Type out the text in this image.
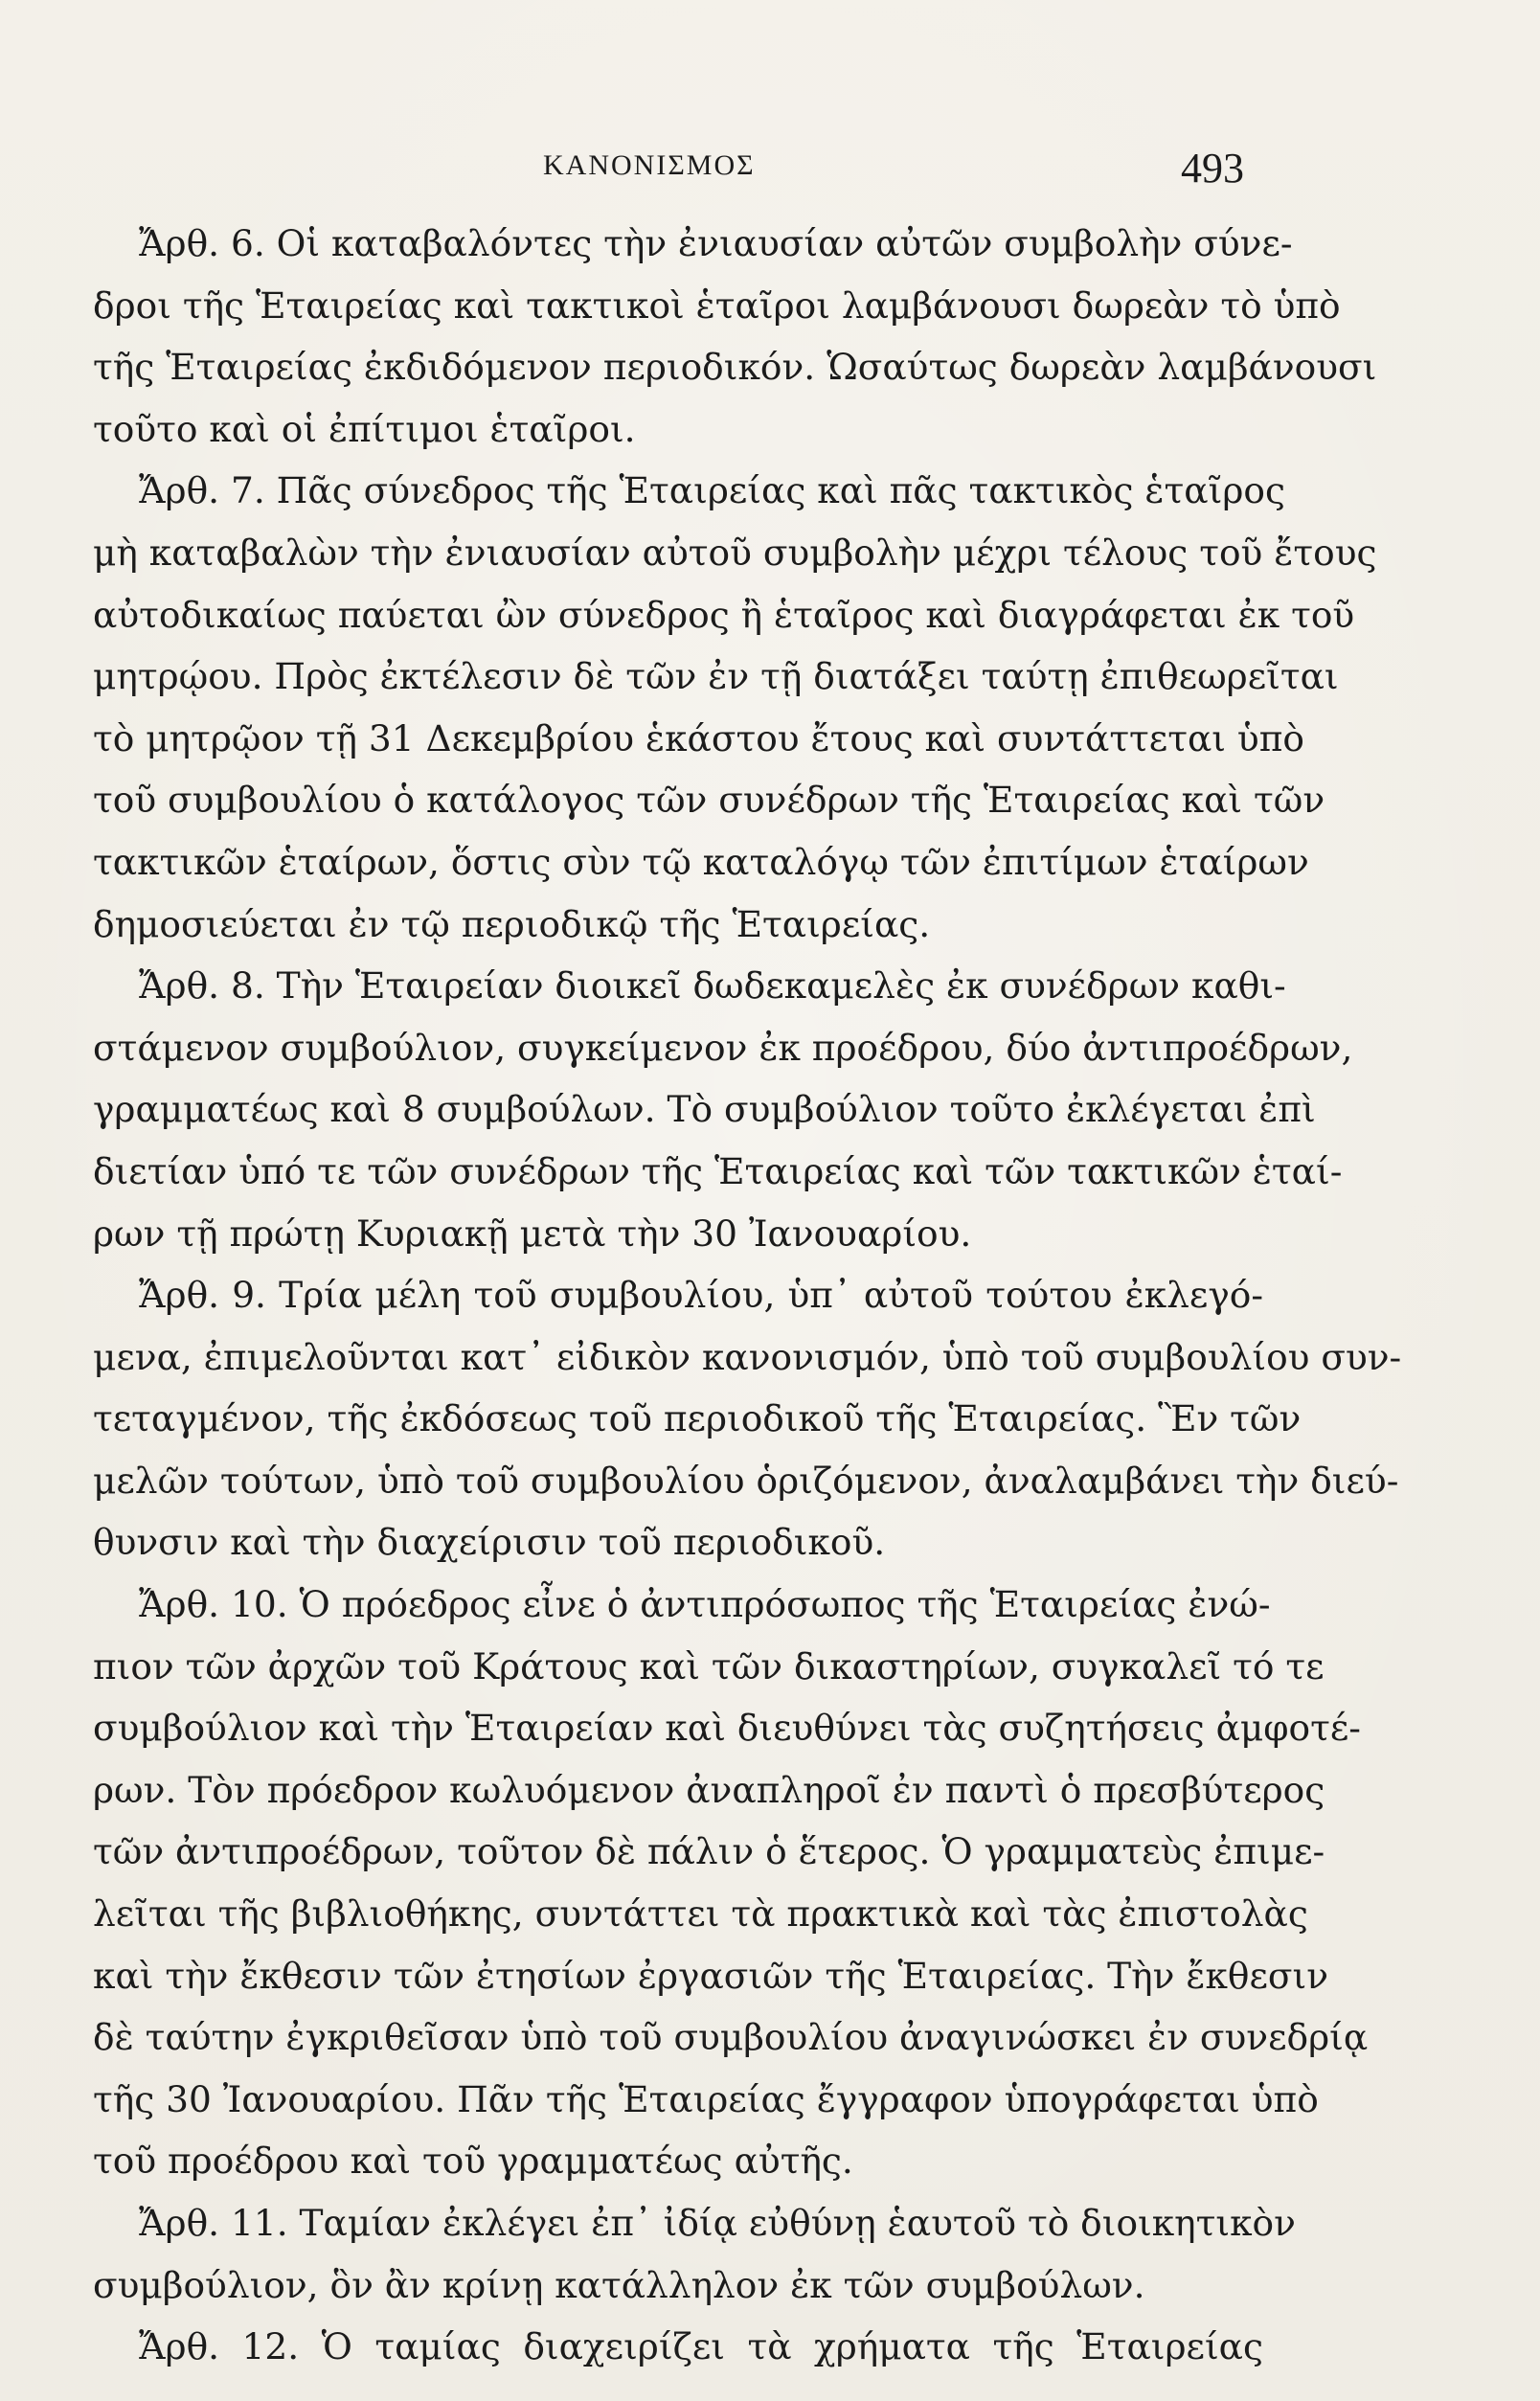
ΚΑΝΟΝΙΣΜΟΣ	493
Ἄρθ. 6. Οἱ καταβαλόντες τὴν ἐνιαυσίαν αὐτῶν συμβολὴν σύνε-
δροι τῆς Ἑταιρείας καὶ τακτικοὶ ἑταῖροι λαμβάνουσι δωρεὰν τὸ ὑπὸ
τῆς Ἑταιρείας ἐκδιδόμενον περιοδικόν. Ὡσαύτως δωρεὰν λαμβάνουσι
τοῦτο καὶ οἱ ἐπίτιμοι ἑταῖροι.
Ἄρθ. 7. Πᾶς σύνεδρος τῆς Ἑταιρείας καὶ πᾶς τακτικὸς ἑταῖρος
μὴ καταβαλὼν τὴν ἐνιαυσίαν αὐτοῦ συμβολὴν μέχρι τέλους τοῦ ἔτους
αὐτοδικαίως παύεται ὢν σύνεδρος ἢ ἑταῖρος καὶ διαγράφεται ἐκ τοῦ
μητρῴου. Πρὸς ἐκτέλεσιν δὲ τῶν ἐν τῇ διατάξει ταύτῃ ἐπιθεωρεῖται
τὸ μητρῷον τῇ 31 Δεκεμβρίου ἑκάστου ἔτους καὶ συντάττεται ὑπὸ
τοῦ συμβουλίου ὁ κατάλογος τῶν συνέδρων τῆς Ἑταιρείας καὶ τῶν
τακτικῶν ἑταίρων, ὅστις σὺν τῷ καταλόγῳ τῶν ἐπιτίμων ἑταίρων
δημοσιεύεται ἐν τῷ περιοδικῷ τῆς Ἑταιρείας.
Ἄρθ. 8. Τὴν Ἑταιρείαν διοικεῖ δωδεκαμελὲς ἐκ συνέδρων καθι-
στάμενον συμβούλιον, συγκείμενον ἐκ προέδρου, δύο ἀντιπροέδρων,
γραμματέως καὶ 8 συμβούλων. Τὸ συμβούλιον τοῦτο ἐκλέγεται ἐπὶ
διετίαν ὑπό τε τῶν συνέδρων τῆς Ἑταιρείας καὶ τῶν τακτικῶν ἑταί-
ρων τῇ πρώτῃ Κυριακῇ μετὰ τὴν 30 Ἰανουαρίου.
Ἄρθ. 9. Τρία μέλη τοῦ συμβουλίου, ὑπ᾽ αὐτοῦ τούτου ἐκλεγό-
μενα, ἐπιμελοῦνται κατ᾽ εἰδικὸν κανονισμόν, ὑπὸ τοῦ συμβουλίου συν-
τεταγμένον, τῆς ἐκδόσεως τοῦ περιοδικοῦ τῆς Ἑταιρείας. Ἓν τῶν
μελῶν τούτων, ὑπὸ τοῦ συμβουλίου ὁριζόμενον, ἀναλαμβάνει τὴν διεύ-
θυνσιν καὶ τὴν διαχείρισιν τοῦ περιοδικοῦ.
Ἄρθ. 10. Ὁ πρόεδρος εἶνε ὁ ἀντιπρόσωπος τῆς Ἑταιρείας ἐνώ-
πιον τῶν ἀρχῶν τοῦ Κράτους καὶ τῶν δικαστηρίων, συγκαλεῖ τό τε
συμβούλιον καὶ τὴν Ἑταιρείαν καὶ διευθύνει τὰς συζητήσεις ἀμφοτέ-
ρων. Τὸν πρόεδρον κωλυόμενον ἀναπληροῖ ἐν παντὶ ὁ πρεσβύτερος
τῶν ἀντιπροέδρων, τοῦτον δὲ πάλιν ὁ ἕτερος. Ὁ γραμματεὺς ἐπιμε-
λεῖται τῆς βιβλιοθήκης, συντάττει τὰ πρακτικὰ καὶ τὰς ἐπιστολὰς
καὶ τὴν ἔκθεσιν τῶν ἐτησίων ἐργασιῶν τῆς Ἑταιρείας. Τὴν ἔκθεσιν
δὲ ταύτην ἐγκριθεῖσαν ὑπὸ τοῦ συμβουλίου ἀναγινώσκει ἐν συνεδρίᾳ
τῆς 30 Ἰανουαρίου. Πᾶν τῆς Ἑταιρείας ἔγγραφον ὑπογράφεται ὑπὸ
τοῦ προέδρου καὶ τοῦ γραμματέως αὐτῆς.
Ἄρθ. 11. Ταμίαν ἐκλέγει ἐπ᾽ ἰδίᾳ εὐθύνῃ ἑαυτοῦ τὸ διοικητικὸν
συμβούλιον, ὃν ἂν κρίνῃ κατάλληλον ἐκ τῶν συμβούλων.
Ἄρθ. 12. Ὁ ταμίας διαχειρίζει τὰ χρήματα τῆς Ἑταιρείας
